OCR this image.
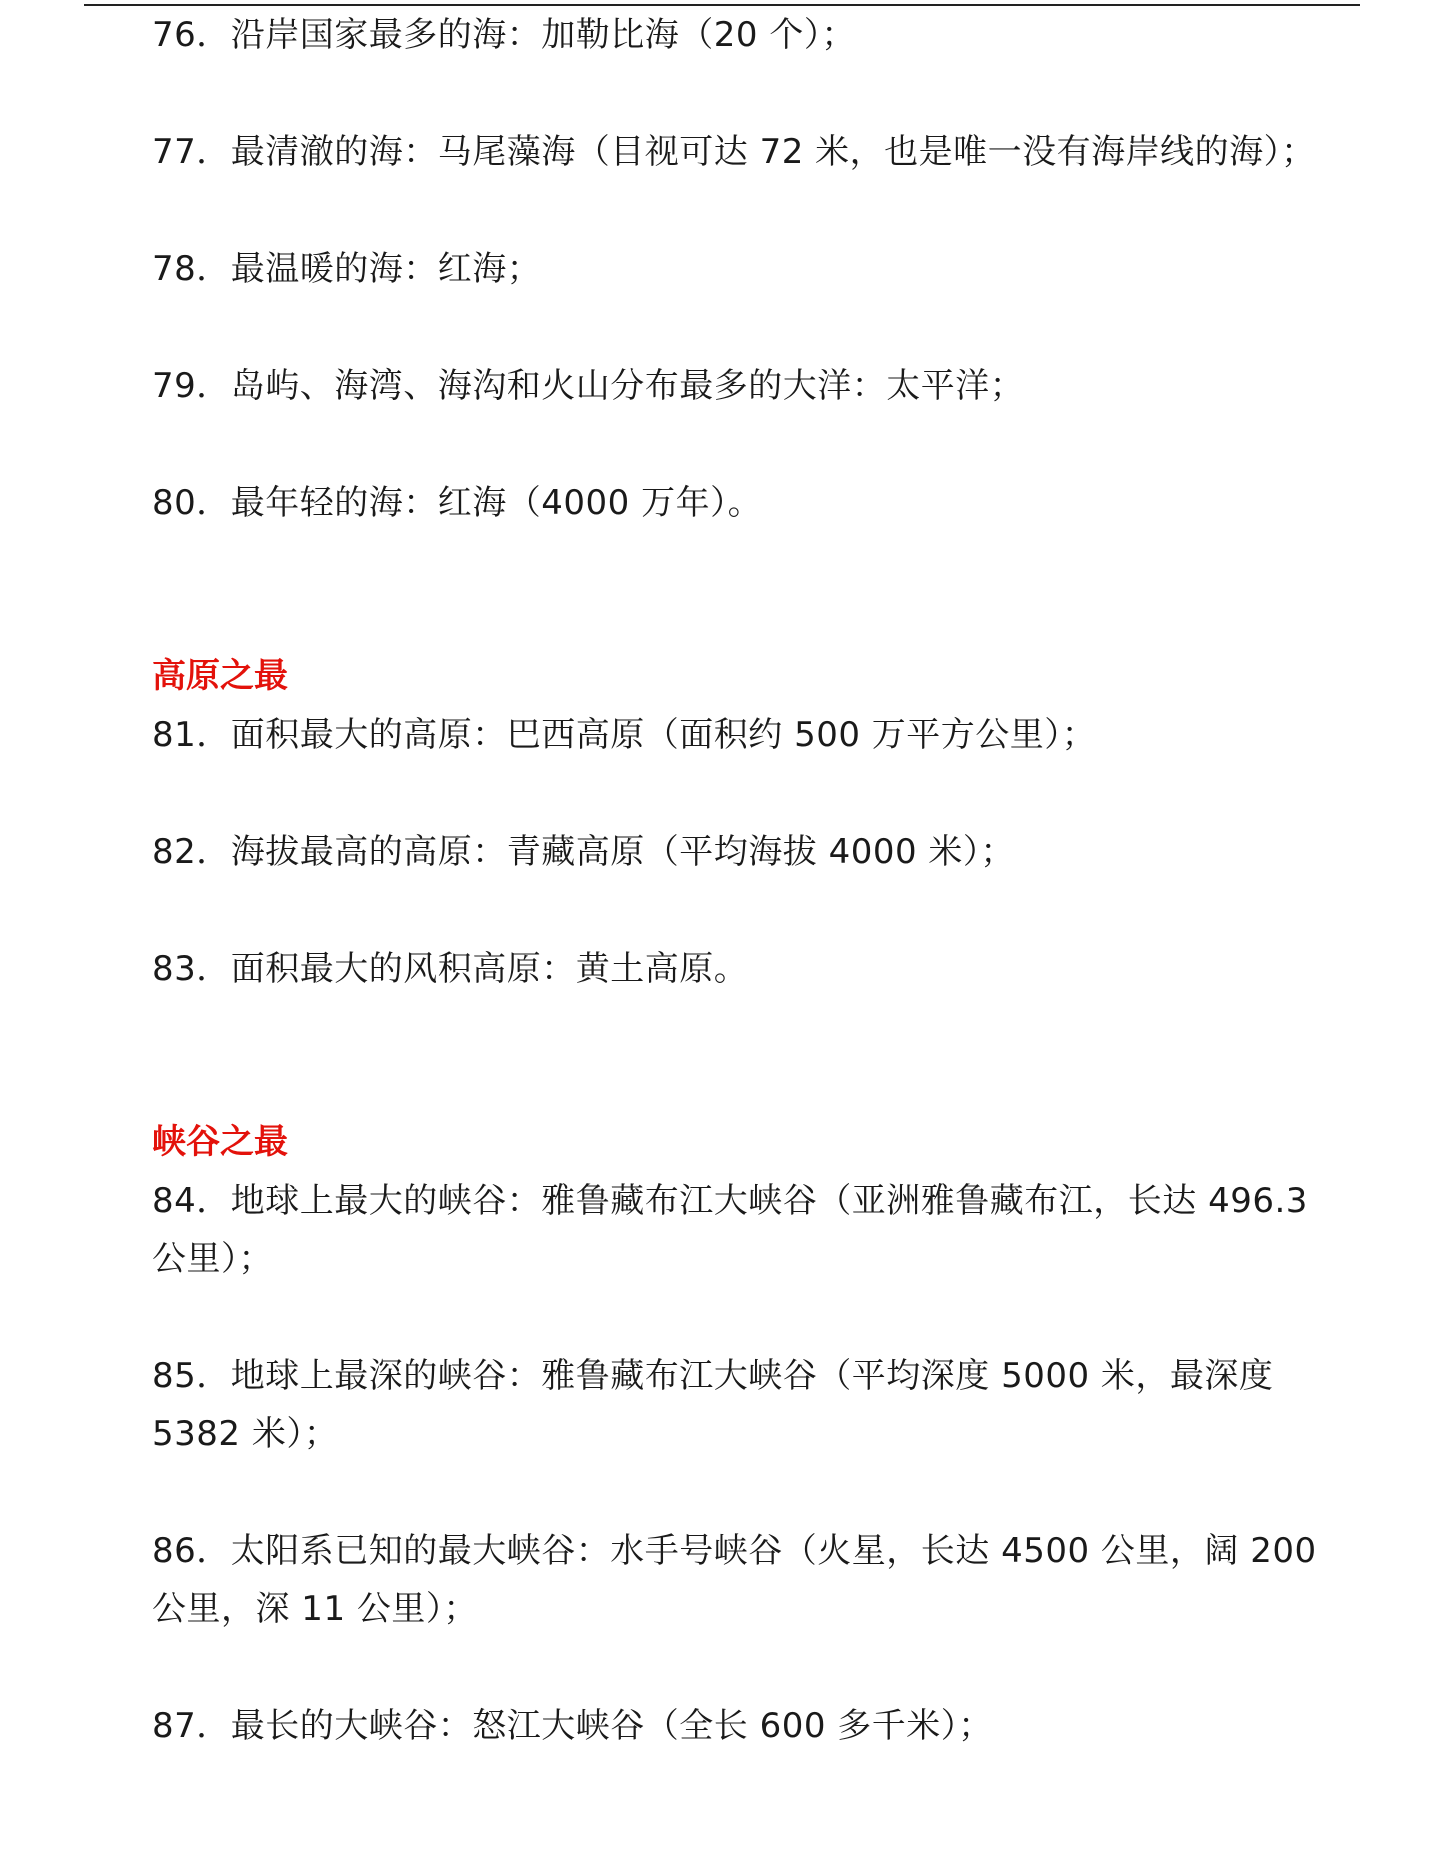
76．沿岸国家最多的海：加勒比海（20 个）；

77．最清澈的海：马尾藻海（目视可达 72 米，也是唯一没有海岸线的海）；

78．最温暖的海：红海；

79．岛屿、海湾、海沟和火山分布最多的大洋：太平洋；

80．最年轻的海：红海（4000 万年）。

高原之最

81．面积最大的高原：巴西高原（面积约 500 万平方公里）；

82．海拔最高的高原：青藏高原（平均海拔 4000 米）；

83．面积最大的风积高原：黄土高原。

峡谷之最

84．地球上最大的峡谷：雅鲁藏布江大峡谷（亚洲雅鲁藏布江，长达 496.3 公里）；

85．地球上最深的峡谷：雅鲁藏布江大峡谷（平均深度 5000 米，最深度 5382 米）；

86．太阳系已知的最大峡谷：水手号峡谷（火星，长达 4500 公里，阔 200 公里，深 11 公里）；

87．最长的大峡谷：怒江大峡谷（全长 600 多千米）；
